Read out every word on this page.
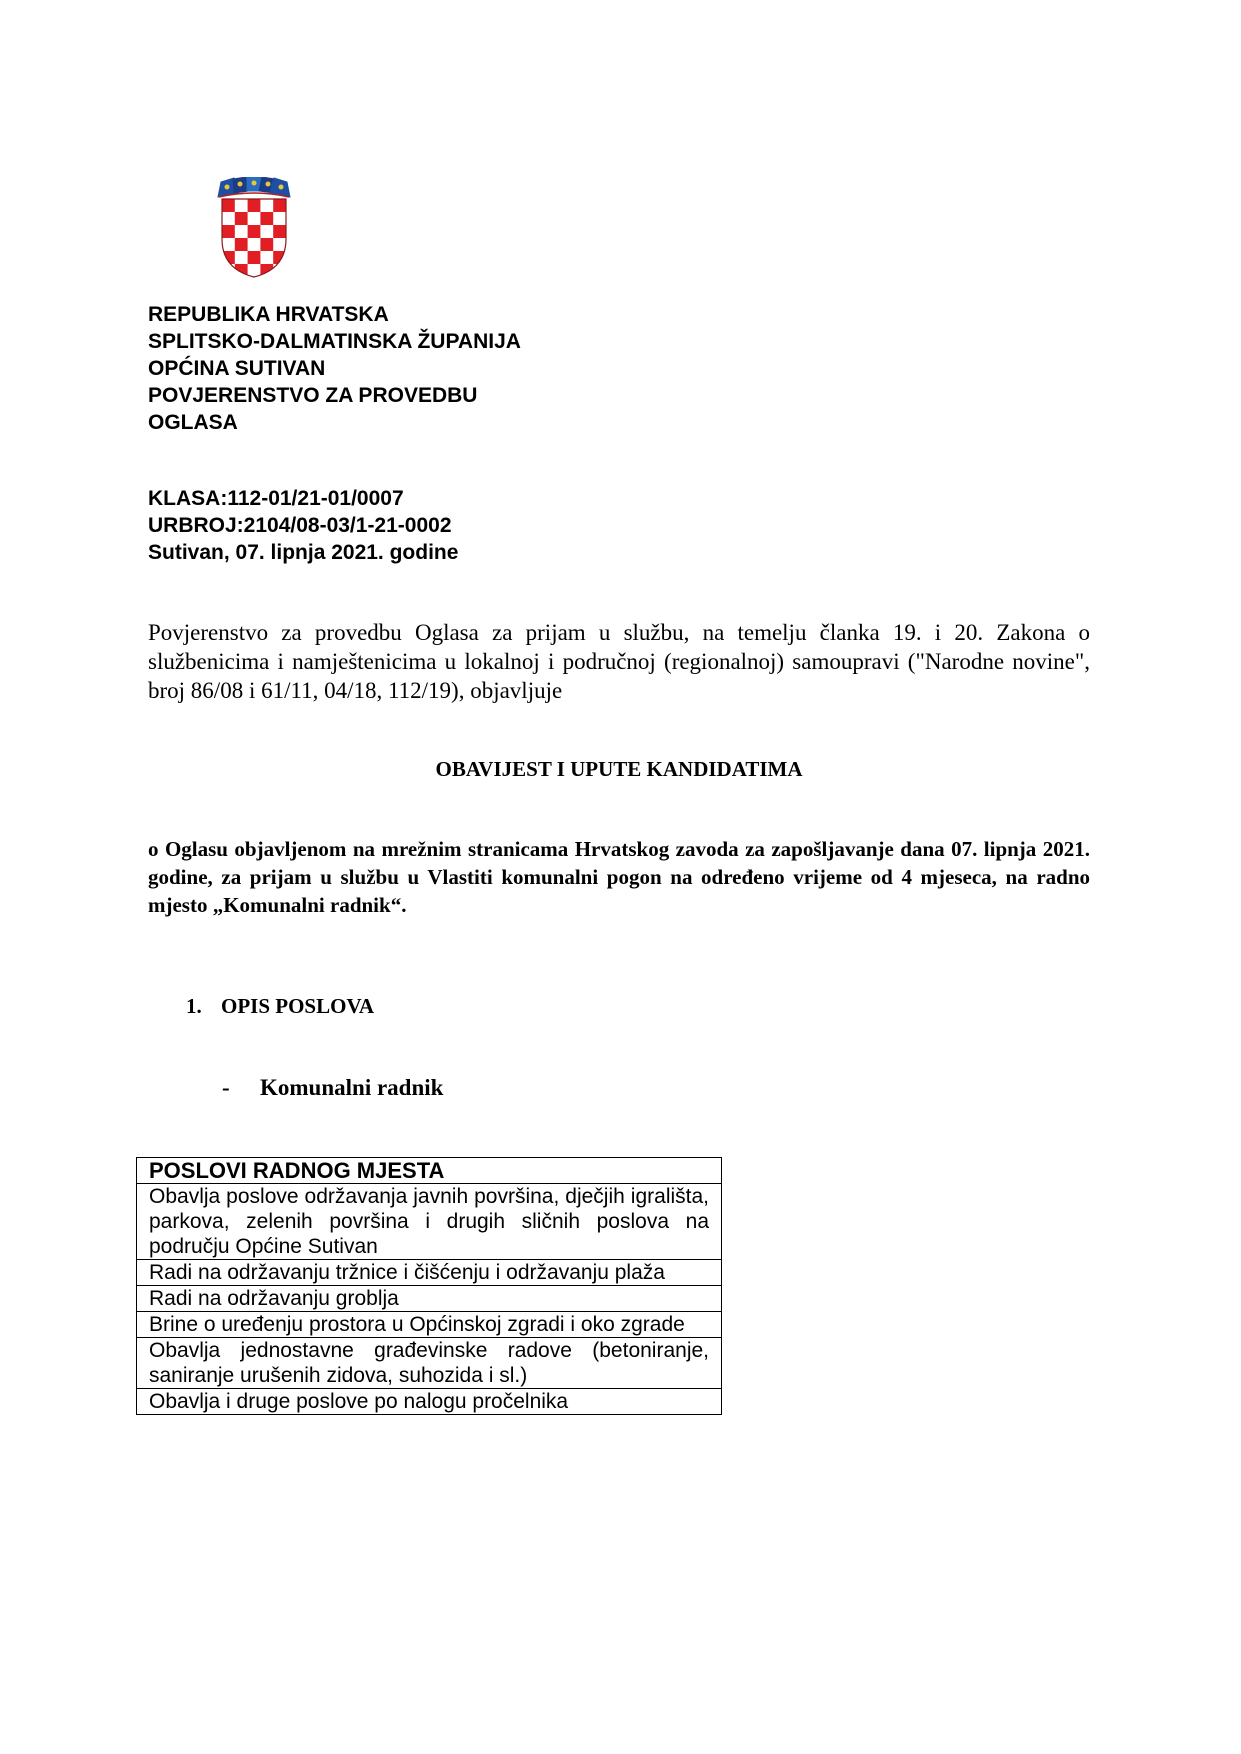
REPUBLIKA HRVATSKA
SPLITSKO-DALMATINSKA ŽUPANIJA
OPĆINA SUTIVAN
POVJERENSTVO ZA PROVEDBU
OGLASA
KLASA:112-01/21-01/0007
URBROJ:2104/08-03/1-21-0002
Sutivan, 07. lipnja 2021. godine
Povjerenstvo za provedbu Oglasa za prijam u službu, na temelju članka 19. i 20. Zakona o službenicima i namještenicima u lokalnoj i područnoj (regionalnoj) samoupravi ("Narodne novine", broj 86/08 i 61/11, 04/18, 112/19), objavljuje
OBAVIJEST I UPUTE KANDIDATIMA
o Oglasu objavljenom na mrežnim stranicama Hrvatskog zavoda za zapošljavanje dana 07. lipnja 2021. godine, za prijam u službu u Vlastiti komunalni pogon na određeno vrijeme od 4 mjeseca, na radno mjesto „Komunalni radnik“.
1. OPIS POSLOVA
- Komunalni radnik
POSLOVI RADNOG MJESTA
Obavlja poslove održavanja javnih površina, dječjih igrališta, parkova, zelenih površina i drugih sličnih poslova na području Općine Sutivan
Radi na održavanju tržnice i čišćenju i održavanju plaža
Radi na održavanju groblja
Brine o uređenju prostora u Općinskoj zgradi i oko zgrade
Obavlja jednostavne građevinske radove (betoniranje, saniranje urušenih zidova, suhozida i sl.)
Obavlja i druge poslove po nalogu pročelnika
